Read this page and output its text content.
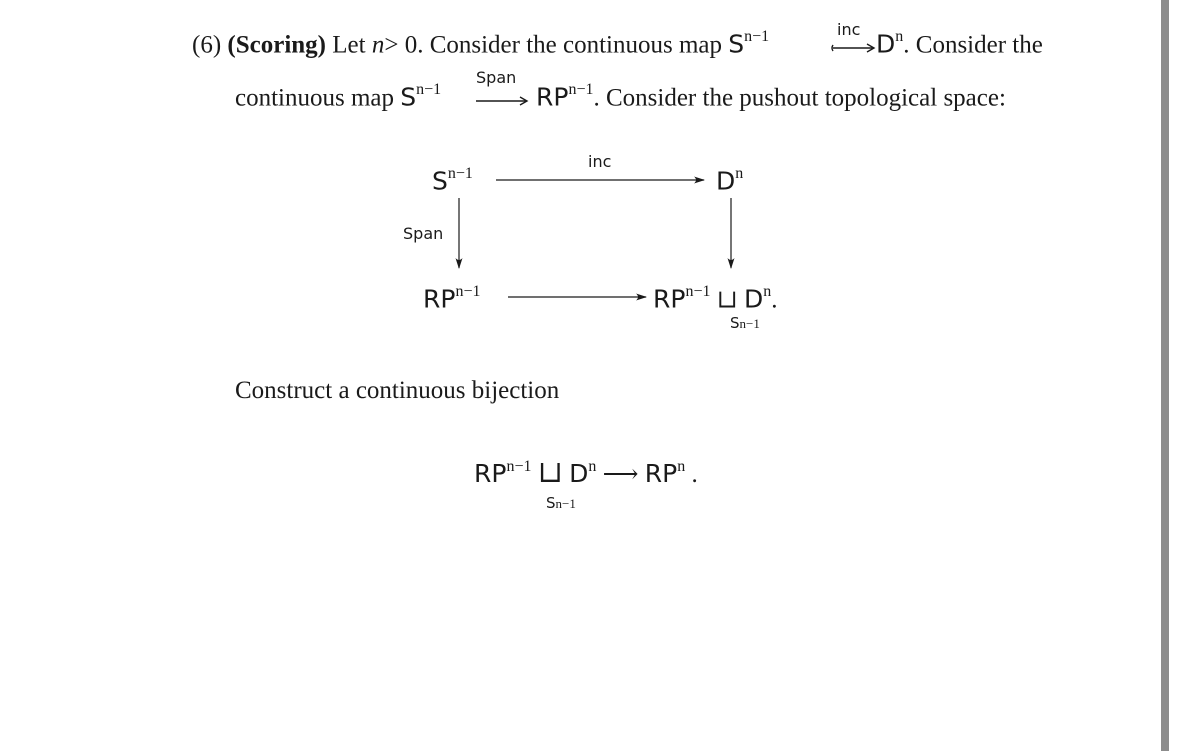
(6) (Scoring) Let n> 0. Consider the continuous map $S^{n-1}$	inc $D^n$. Consider the
continuous map $S^{n-1}$
Span
$RP^{n-1}$. Consider the pushout topological space:
$S^{n-1}$
inc
$D^n$
Span
$RP^{n-1}$	$RP^{n-1}$ ⊔ $D^n$.
Sn−1
Construct a continuous bijection
$RP^{n-1}$ ⊔ $D^n$ ⟶ $RP^n$ .
Sn−1
